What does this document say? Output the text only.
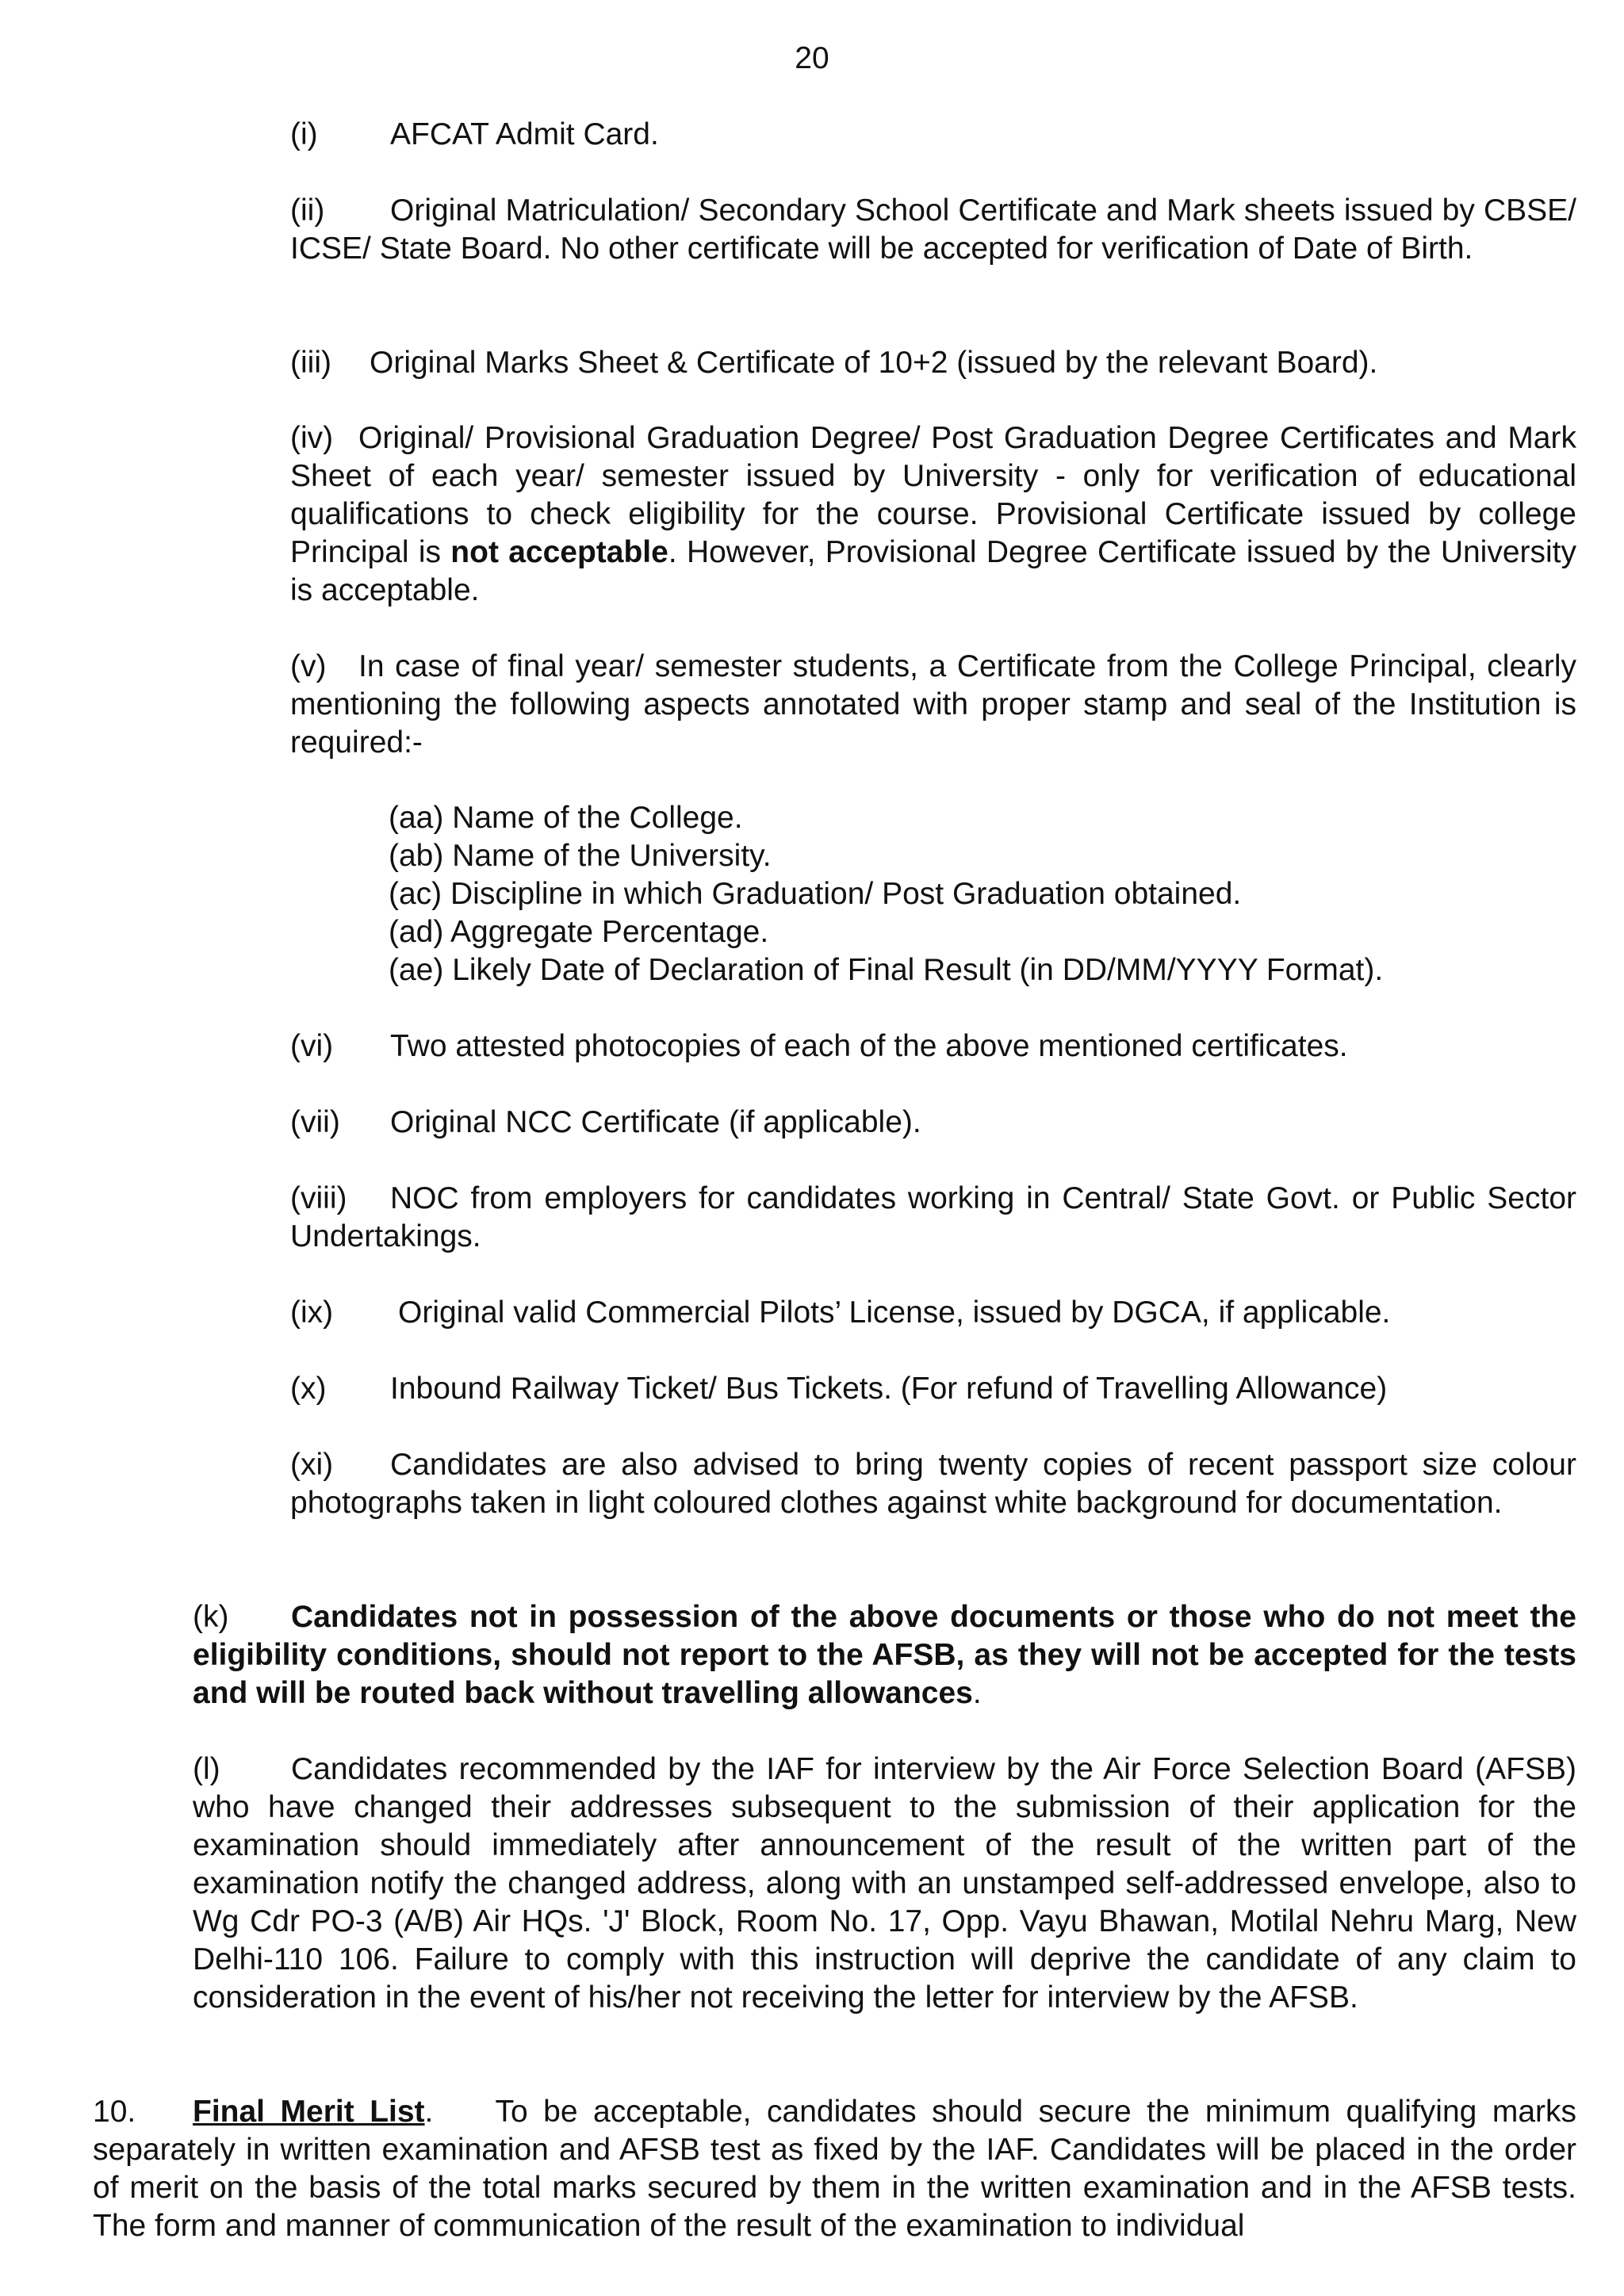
20
(i) AFCAT Admit Card.
(ii) Original Matriculation/ Secondary School Certificate and Mark sheets issued by CBSE/ ICSE/ State Board. No other certificate will be accepted for verification of Date of Birth.
(iii) Original Marks Sheet & Certificate of 10+2 (issued by the relevant Board).
(iv) Original/ Provisional Graduation Degree/ Post Graduation Degree Certificates and Mark Sheet of each year/ semester issued by University - only for verification of educational qualifications to check eligibility for the course. Provisional Certificate issued by college Principal is not acceptable. However, Provisional Degree Certificate issued by the University is acceptable.
(v) In case of final year/ semester students, a Certificate from the College Principal, clearly mentioning the following aspects annotated with proper stamp and seal of the Institution is required:-
(aa) Name of the College.
(ab) Name of the University.
(ac) Discipline in which Graduation/ Post Graduation obtained.
(ad) Aggregate Percentage.
(ae) Likely Date of Declaration of Final Result (in DD/MM/YYYY Format).
(vi) Two attested photocopies of each of the above mentioned certificates.
(vii) Original NCC Certificate (if applicable).
(viii) NOC from employers for candidates working in Central/ State Govt. or Public Sector Undertakings.
(ix) Original valid Commercial Pilots’ License, issued by DGCA, if applicable.
(x) Inbound Railway Ticket/ Bus Tickets. (For refund of Travelling Allowance)
(xi) Candidates are also advised to bring twenty copies of recent passport size colour photographs taken in light coloured clothes against white background for documentation.
(k) Candidates not in possession of the above documents or those who do not meet the eligibility conditions, should not report to the AFSB, as they will not be accepted for the tests and will be routed back without travelling allowances.
(l) Candidates recommended by the IAF for interview by the Air Force Selection Board (AFSB) who have changed their addresses subsequent to the submission of their application for the examination should immediately after announcement of the result of the written part of the examination notify the changed address, along with an unstamped self-addressed envelope, also to Wg Cdr PO-3 (A/B) Air HQs. 'J' Block, Room No. 17, Opp. Vayu Bhawan, Motilal Nehru Marg, New Delhi-110 106. Failure to comply with this instruction will deprive the candidate of any claim to consideration in the event of his/her not receiving the letter for interview by the AFSB.
10. Final Merit List. To be acceptable, candidates should secure the minimum qualifying marks separately in written examination and AFSB test as fixed by the IAF. Candidates will be placed in the order of merit on the basis of the total marks secured by them in the written examination and in the AFSB tests. The form and manner of communication of the result of the examination to individual
